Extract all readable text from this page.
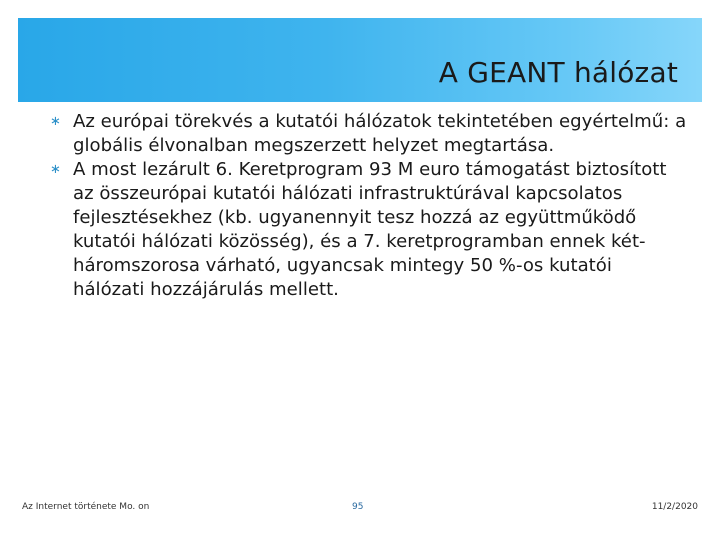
A GEANT hálózat
∗ Az európai törekvés a kutatói hálózatok tekintetében egyértelmű: a globális élvonalban megszerzett helyzet megtartása.
∗ A most lezárult 6. Keretprogram 93 M euro támogatást biztosított az összeurópai kutatói hálózati infrastruktúrával kapcsolatos fejlesztésekhez (kb. ugyanennyit tesz hozzá az együttműködő kutatói hálózati közösség), és a 7. keretprogramban ennek két-háromszorosa várható, ugyancsak mintegy 50 %-os kutatói hálózati hozzájárulás mellett.
Az Internet története Mo. on	95	11/2/2020
